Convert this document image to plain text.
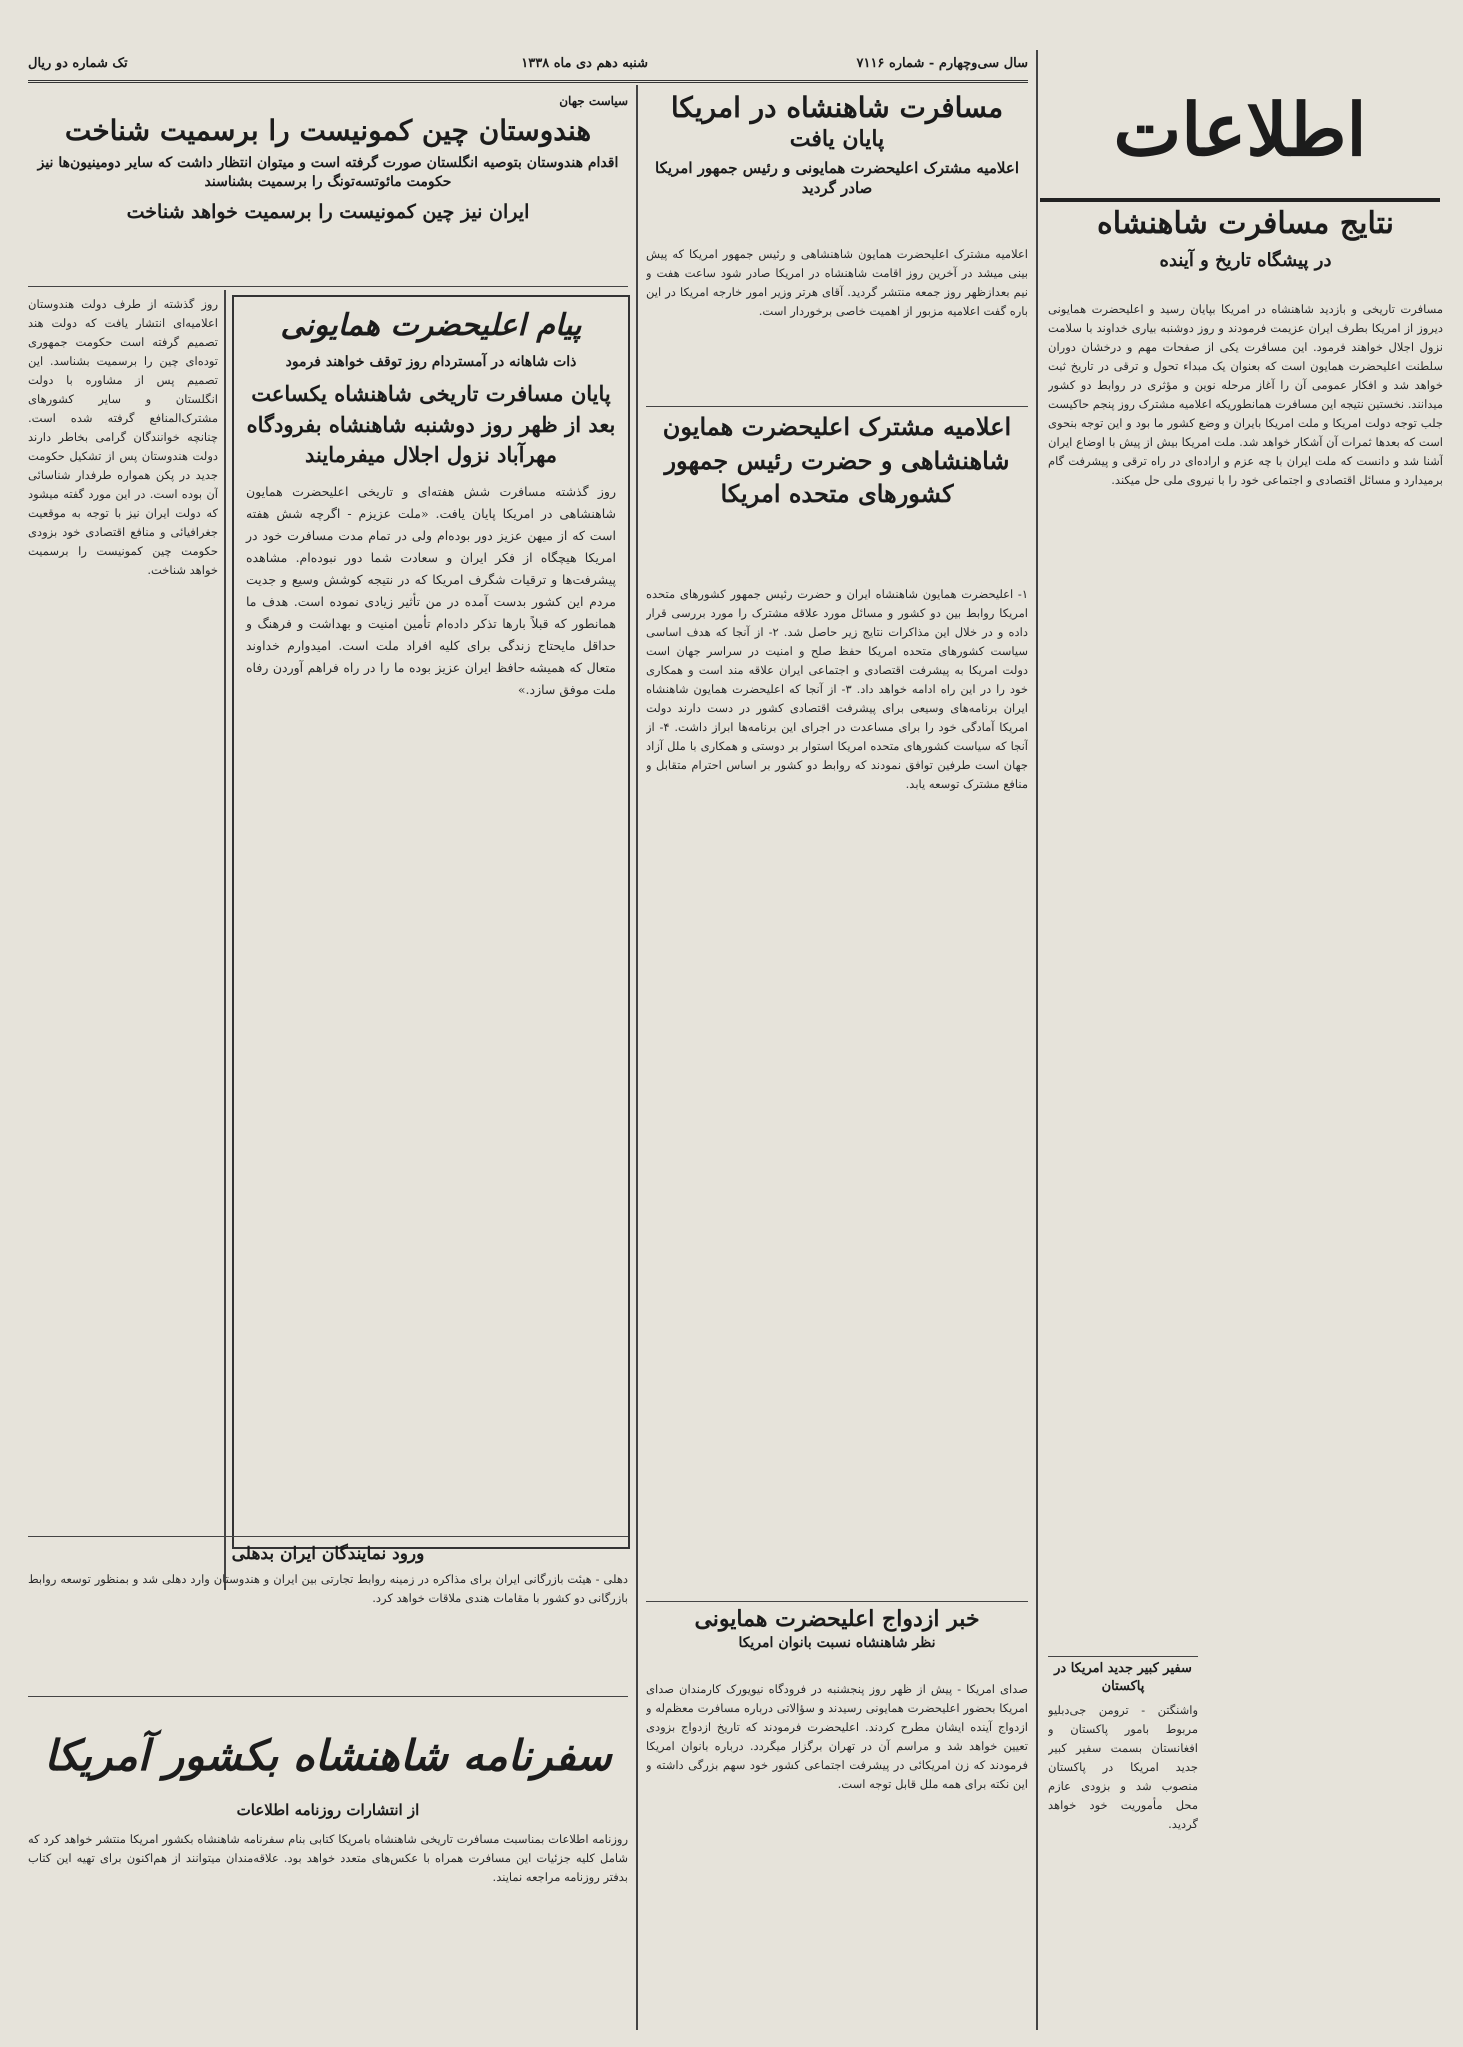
سال سی‌وچهارم - شماره ۷۱۱۶
شنبه دهم دی ماه ۱۳۳۸
تک شماره دو ریال
اطلاعات
نتایج مسافرت شاهنشاه
در پیشگاه تاریخ و آینده
مسافرت تاریخی و بازدید شاهنشاه در امریکا بپایان رسید و اعلیحضرت همایونی دیروز از امریکا بطرف ایران عزیمت فرمودند و روز دوشنبه بیاری خداوند با سلامت نزول اجلال خواهند فرمود. این مسافرت یکی از صفحات مهم و درخشان دوران سلطنت اعلیحضرت همایون است که بعنوان یک مبداء تحول و ترقی در تاریخ ثبت خواهد شد و افکار عمومی آن را آغاز مرحله نوین و مؤثری در روابط دو کشور میدانند. نخستین نتیجه این مسافرت همانطوریکه اعلامیه مشترک روز پنجم حاکیست جلب توجه دولت امریکا و ملت امریکا بایران و وضع کشور ما بود و این توجه بنحوی است که بعدها ثمرات آن آشکار خواهد شد. ملت امریکا بیش از پیش با اوضاع ایران آشنا شد و دانست که ملت ایران با چه عزم و اراده‌ای در راه ترقی و پیشرفت گام برمیدارد و مسائل اقتصادی و اجتماعی خود را با نیروی ملی حل میکند.
سفیر کبیر جدید امریکا در پاکستان
واشنگتن - ترومن جی‌دبلیو مربوط بامور پاکستان و افغانستان بسمت سفیر کبیر جدید امریکا در پاکستان منصوب شد و بزودی عازم محل مأموریت خود خواهد گردید.
مسافرت شاهنشاه در امریکا
پایان یافت
اعلامیه مشترک اعلیحضرت همایونی و رئیس جمهور امریکا صادر گردید
اعلامیه مشترک اعلیحضرت همایون شاهنشاهی و رئیس جمهور امریکا که پیش بینی میشد در آخرین روز اقامت شاهنشاه در امریکا صادر شود ساعت هفت و نیم بعدازظهر روز جمعه منتشر گردید. آقای هرتر وزیر امور خارجه امریکا در این باره گفت اعلامیه مزبور از اهمیت خاصی برخوردار است.
اعلامیه مشترک اعلیحضرت همایون شاهنشاهی و حضرت رئیس جمهور کشورهای متحده امریکا
۱- اعلیحضرت همایون شاهنشاه ایران و حضرت رئیس جمهور کشورهای متحده امریکا روابط بین دو کشور و مسائل مورد علاقه مشترک را مورد بررسی قرار داده و در خلال این مذاکرات نتایج زیر حاصل شد. ۲- از آنجا که هدف اساسی سیاست کشورهای متحده امریکا حفظ صلح و امنیت در سراسر جهان است دولت امریکا به پیشرفت اقتصادی و اجتماعی ایران علاقه مند است و همکاری خود را در این راه ادامه خواهد داد. ۳- از آنجا که اعلیحضرت همایون شاهنشاه ایران برنامه‌های وسیعی برای پیشرفت اقتصادی کشور در دست دارند دولت امریکا آمادگی خود را برای مساعدت در اجرای این برنامه‌ها ابراز داشت. ۴- از آنجا که سیاست کشورهای متحده امریکا استوار بر دوستی و همکاری با ملل آزاد جهان است طرفین توافق نمودند که روابط دو کشور بر اساس احترام متقابل و منافع مشترک توسعه یابد.
خبر ازدواج اعلیحضرت همایونی
نظر شاهنشاه نسبت بانوان امریکا
صدای امریکا - پیش از ظهر روز پنجشنبه در فرودگاه نیویورک کارمندان صدای امریکا بحضور اعلیحضرت همایونی رسیدند و سؤالاتی درباره مسافرت معظم‌له و ازدواج آینده ایشان مطرح کردند. اعلیحضرت فرمودند که تاریخ ازدواج بزودی تعیین خواهد شد و مراسم آن در تهران برگزار میگردد. درباره بانوان امریکا فرمودند که زن امریکائی در پیشرفت اجتماعی کشور خود سهم بزرگی داشته و این نکته برای همه ملل قابل توجه است.
سیاست جهان
هندوستان چین کمونیست را برسمیت شناخت
اقدام هندوستان بتوصیه انگلستان صورت گرفته است و میتوان انتظار داشت که سایر دومینیون‌ها نیز حکومت مائوتسه‌تونگ را برسمیت بشناسند
ایران نیز چین کمونیست را برسمیت خواهد شناخت
روز گذشته از طرف دولت هندوستان اعلامیه‌ای انتشار یافت که دولت هند تصمیم گرفته است حکومت جمهوری توده‌ای چین را برسمیت بشناسد. این تصمیم پس از مشاوره با دولت انگلستان و سایر کشورهای مشترک‌المنافع گرفته شده است. چنانچه خوانندگان گرامی بخاطر دارند دولت هندوستان پس از تشکیل حکومت جدید در پکن همواره طرفدار شناسائی آن بوده است. در این مورد گفته میشود که دولت ایران نیز با توجه به موقعیت جغرافیائی و منافع اقتصادی خود بزودی حکومت چین کمونیست را برسمیت خواهد شناخت.
پیام اعلیحضرت همایونی
ذات شاهانه در آمستردام روز توقف خواهند فرمود
پایان مسافرت تاریخی شاهنشاه یکساعت بعد از ظهر روز دوشنبه شاهنشاه بفرودگاه مهرآباد نزول اجلال میفرمایند
روز گذشته مسافرت شش هفته‌ای و تاریخی اعلیحضرت همایون شاهنشاهی در امریکا پایان یافت. «ملت عزیزم - اگرچه شش هفته است که از میهن عزیز دور بوده‌ام ولی در تمام مدت مسافرت خود در امریکا هیچگاه از فکر ایران و سعادت شما دور نبوده‌ام. مشاهده پیشرفت‌ها و ترقیات شگرف امریکا که در نتیجه کوشش وسیع و جدیت مردم این کشور بدست آمده در من تأثیر زیادی نموده است. هدف ما همانطور که قبلاً بارها تذکر داده‌ام تأمین امنیت و بهداشت و فرهنگ و حداقل مایحتاج زندگی برای کلیه افراد ملت است. امیدوارم خداوند متعال که همیشه حافظ ایران عزیز بوده ما را در راه فراهم آوردن رفاه ملت موفق سازد.»
ورود نمایندگان ایران بدهلی
دهلی - هیئت بازرگانی ایران برای مذاکره در زمینه روابط تجارتی بین ایران و هندوستان وارد دهلی شد و بمنظور توسعه روابط بازرگانی دو کشور با مقامات هندی ملاقات خواهد کرد.
سفرنامه شاهنشاه بکشور آمریکا
از انتشارات روزنامه اطلاعات
روزنامه اطلاعات بمناسبت مسافرت تاریخی شاهنشاه بامریکا کتابی بنام سفرنامه شاهنشاه بکشور امریکا منتشر خواهد کرد که شامل کلیه جزئیات این مسافرت همراه با عکس‌های متعدد خواهد بود. علاقه‌مندان میتوانند از هم‌اکنون برای تهیه این کتاب بدفتر روزنامه مراجعه نمایند.
